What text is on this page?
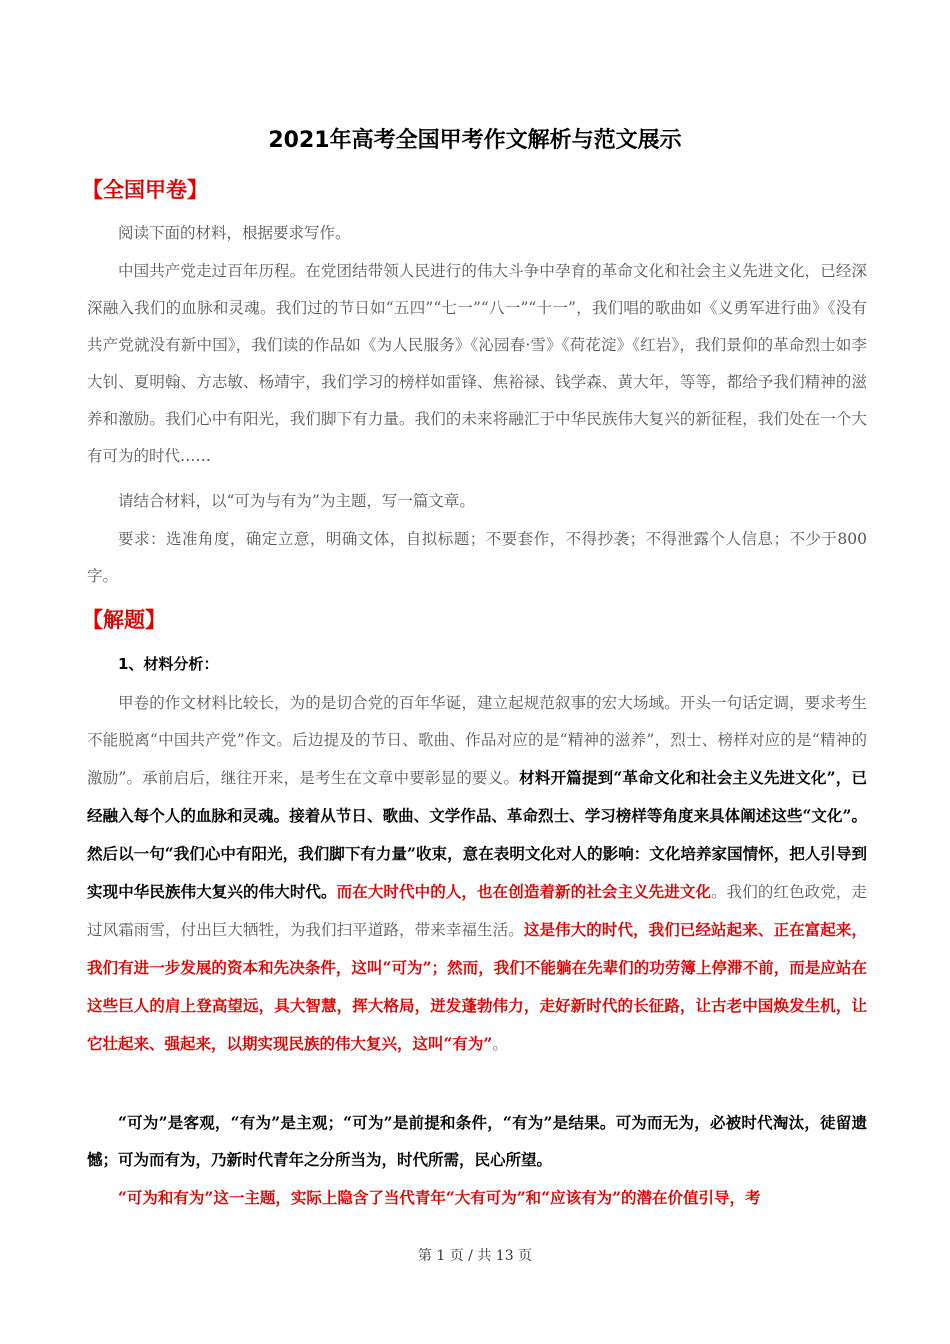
2021年高考全国甲考作文解析与范文展示
【全国甲卷】
阅读下面的材料，根据要求写作。
中国共产党走过百年历程。在党团结带领人民进行的伟大斗争中孕育的革命文化和社会主义先进文化，已经深深融入我们的血脉和灵魂。我们过的节日如“五四”“七一”“八一”“十一”，我们唱的歌曲如《义勇军进行曲》《没有共产党就没有新中国》，我们读的作品如《为人民服务》《沁园春·雪》《荷花淀》《红岩》，我们景仰的革命烈士如李大钊、夏明翰、方志敏、杨靖宇，我们学习的榜样如雷锋、焦裕禄、钱学森、黄大年，等等，都给予我们精神的滋养和激励。我们心中有阳光，我们脚下有力量。我们的未来将融汇于中华民族伟大复兴的新征程，我们处在一个大有可为的时代……
请结合材料，以“可为与有为”为主题，写一篇文章。
要求：选准角度，确定立意，明确文体，自拟标题；不要套作，不得抄袭；不得泄露个人信息；不少于800字。
【解题】
1、材料分析：
甲卷的作文材料比较长，为的是切合党的百年华诞，建立起规范叙事的宏大场域。开头一句话定调，要求考生不能脱离“中国共产党”作文。后边提及的节日、歌曲、作品对应的是“精神的滋养”，烈士、榜样对应的是“精神的激励”。承前启后，继往开来，是考生在文章中要彰显的要义。材料开篇提到“革命文化和社会主义先进文化”，已经融入每个人的血脉和灵魂。接着从节日、歌曲、文学作品、革命烈士、学习榜样等角度来具体阐述这些“文化”。然后以一句“我们心中有阳光，我们脚下有力量”收束，意在表明文化对人的影响：文化培养家国情怀，把人引导到实现中华民族伟大复兴的伟大时代。而在大时代中的人，也在创造着新的社会主义先进文化。我们的红色政党，走过风霜雨雪，付出巨大牺牲，为我们扫平道路，带来幸福生活。这是伟大的时代，我们已经站起来、正在富起来，我们有进一步发展的资本和先决条件，这叫“可为”；然而，我们不能躺在先辈们的功劳簿上停滞不前，而是应站在这些巨人的肩上登高望远，具大智慧，挥大格局，迸发蓬勃伟力，走好新时代的长征路，让古老中国焕发生机，让它壮起来、强起来，以期实现民族的伟大复兴，这叫“有为”。
“可为”是客观，“有为”是主观；“可为”是前提和条件，“有为”是结果。可为而无为，必被时代淘汰，徒留遗憾；可为而有为，乃新时代青年之分所当为，时代所需，民心所望。
“可为和有为”这一主题，实际上隐含了当代青年“大有可为”和“应该有为”的潜在价值引导，考
第 1 页 / 共 13 页
